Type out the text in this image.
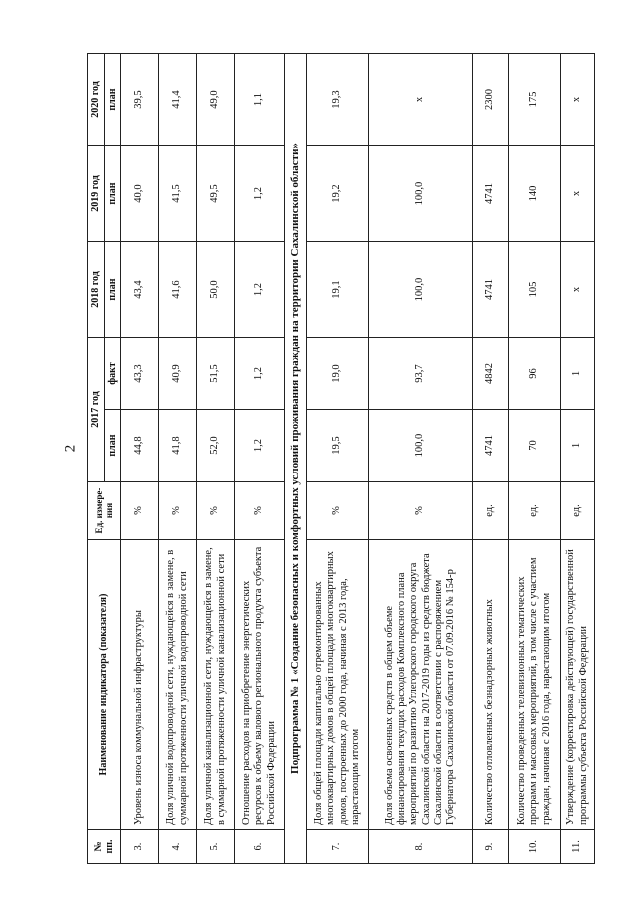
2
№ пп.	Наименование индикатора (показателя)	Ед. измере-ния	2017 год		2018 год	2019 год	2020 год
			план	факт	план	план	план
3.	Уровень износа коммунальной инфраструктуры	%	44,8	43,3	43,4	40,0	39,5
4.	Доля уличной водопроводной сети, нуждающейся в замене, в суммарной протяженности уличной водопроводной сети	%	41,8	40,9	41,6	41,5	41,4
5.	Доля уличной канализационной сети, нуждающейся в замене, в суммарной протяженности уличной канализационной сети	%	52,0	51,5	50,0	49,5	49,0
6.	Отношение расходов на приобретение энергетических ресурсов к объему валового регионального продукта субъекта Российской Федерации	%	1,2	1,2	1,2	1,2	1,1
Подпрограмма № 1 «Создание безопасных и комфортных условий проживания граждан на территории Сахалинской области»							
7.	Доля общей площади капитально отремонтированных многоквартирных домов в общей площади многоквартирных домов, построенных до 2000 года, начиная с 2013 года, нарастающим итогом	%	19,5	19,0	19,1	19,2	19,3
8.	Доля объема освоенных средств в общем объеме финансирования текущих расходов Комплексного плана мероприятий по развитию Углегорского городского округа Сахалинской области на 2017-2019 годы из средств бюджета Сахалинской области в соответствии с распоряжением Губернатора Сахалинской области от 07.09.2016 № 154-р	%	100,0	93,7	100,0	100,0	х
9.	Количество отловленных безнадзорных животных	ед.	4741	4842	4741	4741	2300
10.	Количество проведенных телевизионных тематических программ и массовых мероприятий, в том числе с участием граждан, начиная с 2016 года, нарастающим итогом	ед.	70	96	105	140	175
11.	Утверждение (корректировка действующей) государственной программы субъекта Российской Федерации	ед.	1	1	х	х	х
